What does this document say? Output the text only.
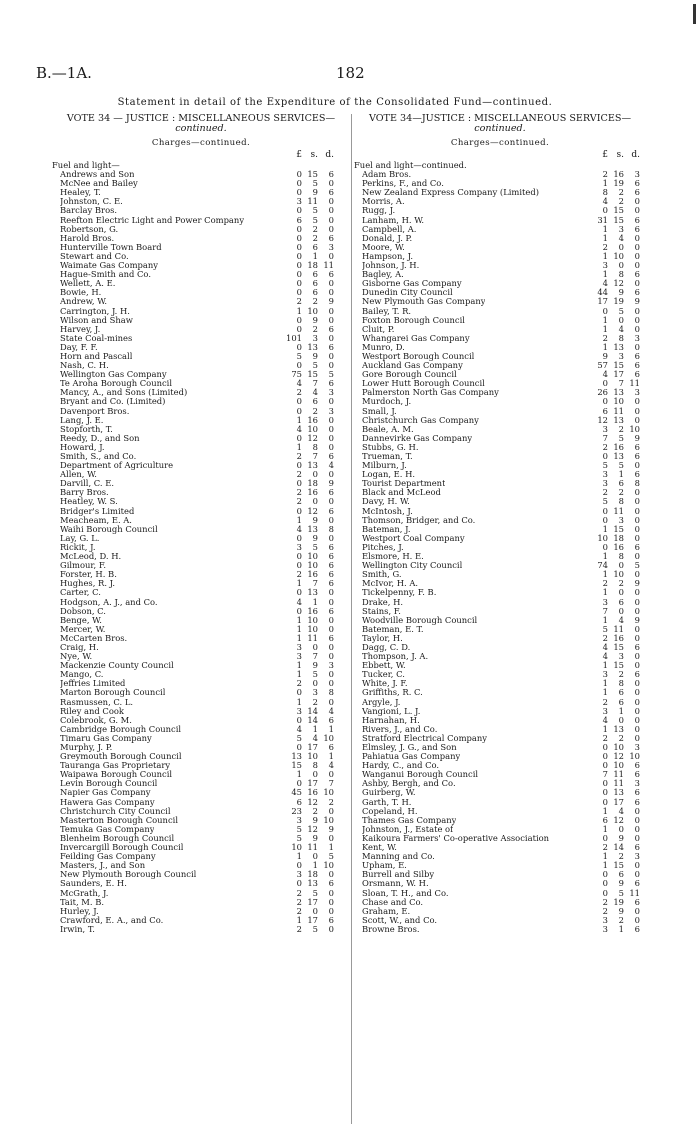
B.—1A.	182
Statement in detail of the Expenditure of the Consolidated Fund—continued.
VOTE 34 — JUSTICE : MISCELLANEOUS SERVICES—
continued.
Charges—continued.
£ s. d.
Fuel and light—
Andrews and Son	0 15	6
McNee and Bailey	0	5	0
Healey, T.	0	9	6
Johnston, C. E.	3 11	0
Barclay Bros.	0	5	0
Reefton Electric Light and Power Company	6	5	0
Robertson, G.	0	2	0
Harold Bros.	0	2	6
Hunterville Town Board	0	6	3
Stewart and Co.	0	1	0
Waimate Gas Company	0 18 11
Hague-Smith and Co.	0	6	6
Wellett, A. E.	0	6	0
Bowie, H.	0	6	0
Andrew, W.	2	2	9
Carrington, J. H.	1 10	0
Wilson and Shaw	0	9	0
Harvey, J.	0	2	6
State Coal-mines	101	3	0
Day, F. F.	0 13	6
Horn and Pascall	5	9	0
Nash, C. H.	0	5	0
Wellington Gas Company	75 15	5
Te Aroha Borough Council	4	7	6
Mancy, A., and Sons (Limited)	2	4	3
Bryant and Co. (Limited)	0	6	0
Davenport Bros.	0	2	3
Lang, J. E.	1 16	0
Stopforth, T.	4 10	0
Reedy, D., and Son	0 12	0
Howard, J.	1	8	0
Smith, S., and Co.	2	7	6
Department of Agriculture	0 13	4
Allen, W.	2	0	0
Darvill, C. E.	0 18	9
Barry Bros.	2 16	6
Heatley, W. S.	2	0	0
Bridger's Limited	0 12	6
Meacheam, E. A.	1	9	0
Waihi Borough Council	4 13	8
Lay, G. L.	0	9	0
Rickit, J.	3	5	6
McLeod, D. H.	0 10	6
Gilmour, F.	0 10	6
Forster, H. B.	2 16	6
Hughes, R. J.	1	7	6
Carter, C.	0 13	0
Hodgson, A. J., and Co.	4	1	0
Dobson, C.	0 16	6
Benge, W.	1 10	0
Mercer, W.	1 10	0
McCarten Bros.	1 11	6
Craig, H.	3	0	0
Nye, W.	3	7	0
Mackenzie County Council	1	9	3
Mango, C.	1	5	0
Jeffries Limited	2	0	0
Marton Borough Council	0	3	8
Rasmussen, C. L.	1	2	0
Riley and Cook	3 14	4
Colebrook, G. M.	0 14	6
Cambridge Borough Council	4	1	1
Timaru Gas Company	5	4 10
Murphy, J. P.	0 17	6
Greymouth Borough Council	13 10	1
Tauranga Gas Proprietary	15	8	4
Waipawa Borough Council	1	0	0
Levin Borough Council	0 17	7
Napier Gas Company	45 16 10
Hawera Gas Company	6 12	2
Christchurch City Council	23	2	0
Masterton Borough Council	3	9 10
Temuka Gas Company	5 12	9
Blenheim Borough Council	5	9	0
Invercargill Borough Council	10 11	1
Feilding Gas Company	1	0	5
Masters, J., and Son	0	1 10
New Plymouth Borough Council	3 18	0
Saunders, E. H.	0 13	6
McGrath, J.	2	5	0
Tait, M. B.	2 17	0
Hurley, J.	2	0	0
Crawford, E. A., and Co.	1 17	6
Irwin, T.	2	5	0
VOTE 34—JUSTICE : MISCELLANEOUS SERVICES—
continued.
Charges—continued.
£ s. d.
Fuel and light—continued.
Adam Bros.	2 16	3
Perkins, F., and Co.	1 19	6
New Zealand Express Company (Limited)	8	2	6
Morris, A.	4	2	0
Rugg, J.	0 15	0
Lanham, H. W.	31 15	6
Campbell, A.	1	3	6
Donald, J. P.	1	4	0
Moore, W.	2	0	0
Hampson, J.	1 10	0
Johnson, J. H.	3	0	0
Bagley, A.	1	8	6
Gisborne Gas Company	4 12	0
Dunedin City Council	44	9	6
New Plymouth Gas Company	17 19	9
Bailey, T. R.	0	5	0
Foxton Borough Council	1	0	0
Cluit, P.	1	4	0
Whangarei Gas Company	2	8	3
Munro, D.	1 13	0
Westport Borough Council	9	3	6
Auckland Gas Company	57 15	6
Gore Borough Council	4 17	6
Lower Hutt Borough Council	0	7 11
Palmerston North Gas Company	26 13	3
Murdoch, J.	0 10	0
Small, J.	6 11	0
Christchurch Gas Company	12 13	0
Beale, A. M.	3	2 10
Dannevirke Gas Company	7	5	9
Stubbs, G. H.	2 16	6
Trueman, T.	0 13	6
Milburn, J.	5	5	0
Logan, E. H.	3	1	6
Tourist Department	3	6	8
Black and McLeod	2	2	0
Davy, H. W.	5	8	0
McIntosh, J.	0 11	0
Thomson, Bridger, and Co.	0	3	0
Bateman, J.	1 15	0
Westport Coal Company	10 18	0
Pitches, J.	0 16	6
Elsmore, H. E.	1	8	0
Wellington City Council	74	0	5
Smith, G.	1 10	0
McIvor, H. A.	2	2	9
Tickelpenny, F. B.	1	0	0
Drake, H.	3	6	0
Stains, F.	7	0	0
Woodville Borough Council	1	4	9
Bateman, E. T.	5 11	0
Taylor, H.	2 16	0
Dagg, C. D.	4 15	6
Thompson, J. A.	4	3	0
Ebbett, W.	1 15	0
Tucker, C.	3	2	6
White, J. F.	1	8	0
Griffiths, R. C.	1	6	0
Argyle, J.	2	6	0
Vangioni, L. J.	3	1	0
Harnahan, H.	4	0	0
Rivers, J., and Co.	1 13	0
Stratford Electrical Company	2	2	0
Elmsley, J. G., and Son	0 10	3
Pahiatua Gas Company	0 12 10
Hardy, C., and Co.	0 10	6
Wanganui Borough Council	7 11	6
Ashby, Bergh, and Co.	0 11	3
Guirberg, W.	0 13	6
Garth, T. H.	0 17	6
Copeland, H.	1	4	0
Thames Gas Company	6 12	0
Johnston, J., Estate of	1	0	0
Kaikoura Farmers' Co-operative Association	0	9	0
Kent, W.	2 14	6
Manning and Co.	1	2	3
Upham, E.	1 15	0
Burrell and Silby	0	6	0
Orsmann, W. H.	0	9	6
Sloan, T. H., and Co.	0	5 11
Chase and Co.	2 19	6
Graham, E.	2	9	0
Scott, W., and Co.	3	2	0
Browne Bros.	3	1	6
